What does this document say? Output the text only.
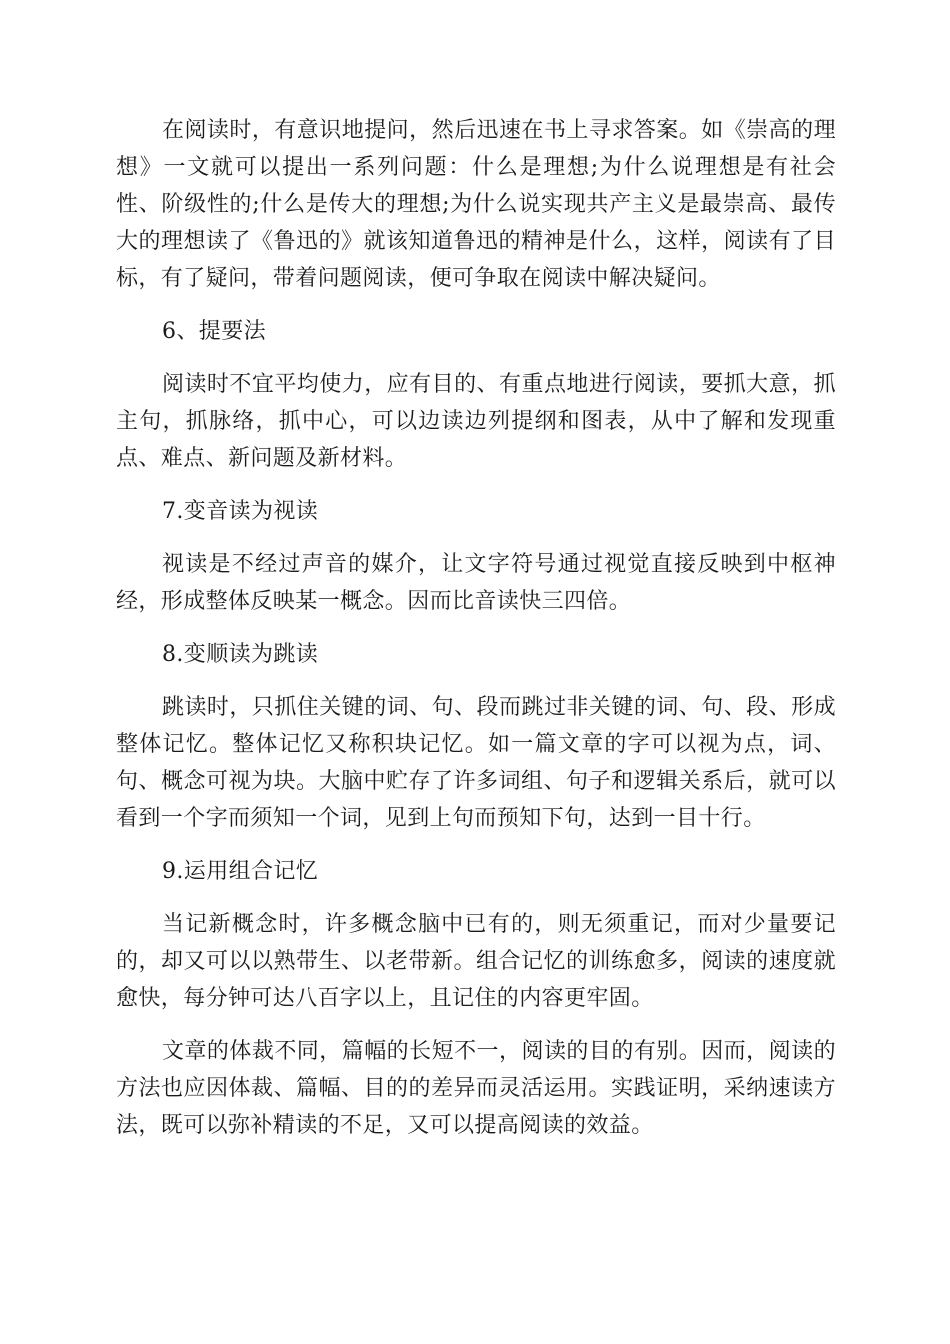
在阅读时，有意识地提问，然后迅速在书上寻求答案。如《崇高的理想》一文就可以提出一系列问题：什么是理想;为什么说理想是有社会性、阶级性的;什么是传大的理想;为什么说实现共产主义是最崇高、最传大的理想读了《鲁迅的》就该知道鲁迅的精神是什么，这样，阅读有了目标，有了疑问，带着问题阅读，便可争取在阅读中解决疑问。

6、提要法

阅读时不宜平均使力，应有目的、有重点地进行阅读，要抓大意，抓主句，抓脉络，抓中心，可以边读边列提纲和图表，从中了解和发现重点、难点、新问题及新材料。

7.变音读为视读

视读是不经过声音的媒介，让文字符号通过视觉直接反映到中枢神经，形成整体反映某一概念。因而比音读快三四倍。

8.变顺读为跳读

跳读时，只抓住关键的词、句、段而跳过非关键的词、句、段、形成整体记忆。整体记忆又称积块记忆。如一篇文章的字可以视为点，词、句、概念可视为块。大脑中贮存了许多词组、句子和逻辑关系后，就可以看到一个字而须知一个词，见到上句而预知下句，达到一目十行。

9.运用组合记忆

当记新概念时，许多概念脑中已有的，则无须重记，而对少量要记的，却又可以以熟带生、以老带新。组合记忆的训练愈多，阅读的速度就愈快，每分钟可达八百字以上，且记住的内容更牢固。

文章的体裁不同，篇幅的长短不一，阅读的目的有别。因而，阅读的方法也应因体裁、篇幅、目的的差异而灵活运用。实践证明，采纳速读方法，既可以弥补精读的不足，又可以提高阅读的效益。
